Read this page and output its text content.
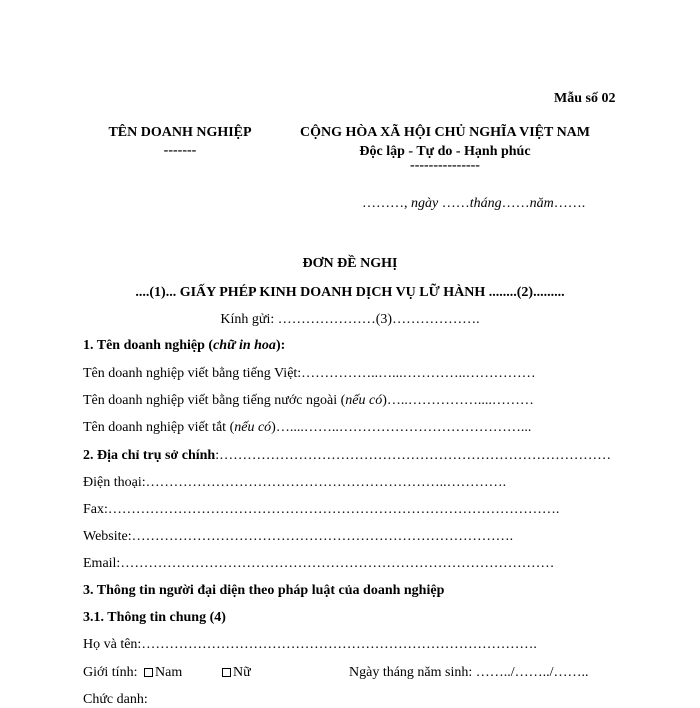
Mẫu số 02
TÊN DOANH NGHIỆP
-------
CỘNG HÒA XÃ HỘI CHỦ NGHĨA VIỆT NAM
Độc lập - Tự do - Hạnh phúc
---------------
………, ngày ……tháng……năm…….
ĐƠN ĐỀ NGHỊ
....(1)... GIẤY PHÉP KINH DOANH DỊCH VỤ LỮ HÀNH ........(2).........
Kính gửi: …………………(3)……………….
1. Tên doanh nghiệp (chữ in hoa):
Tên doanh nghiệp viết bằng tiếng Việt:……………..…...…………..……………
Tên doanh nghiệp viết bằng tiếng nước ngoài (nếu có)…..……………....………
Tên doanh nghiệp viết tắt (nếu có)…....……..…………………………………...
2. Địa chỉ trụ sở chính:…………………………………………………………………………
Điện thoại:………………………………………………………..………….
Fax:…………………………………………………………………………………….
Website:……………………………………………………………………….
Email:…………………………………………………………………………………
3. Thông tin người đại diện theo pháp luật của doanh nghiệp
3.1. Thông tin chung (4)
Họ và tên:………………………………………………………………………….
Giới tính:	Nam	Nữ	Ngày tháng năm sinh: ……../……../……..
Chức danh:
